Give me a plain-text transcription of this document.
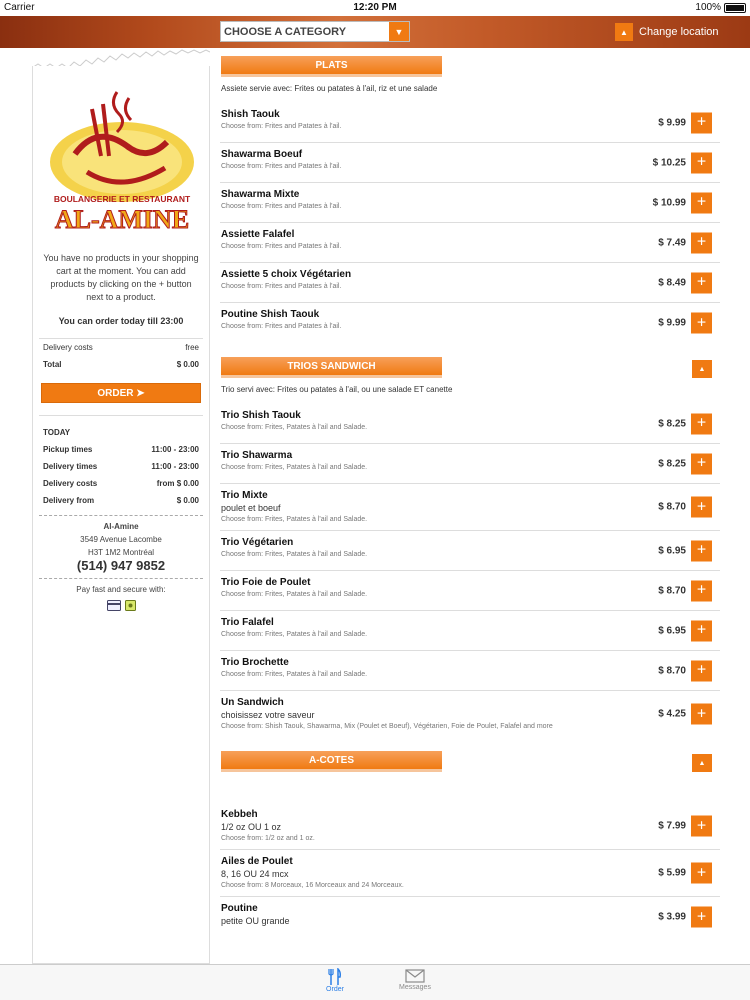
Carrier	12:20 PM	100%
CHOOSE A CATEGORY	▼	▲	Change location
BOULANGERIE ET RESTAURANT
AL-AMINE

You have no products in your shopping cart at the moment. You can add products by clicking on the + button next to a product.

You can order today till 23:00

Delivery costs	free
Total	$ 0.00
ORDER ➤
TODAY
Pickup times	11:00 - 23:00
Delivery times	11:00 - 23:00
Delivery costs	from $ 0.00
Delivery from	$ 0.00
Al-Amine
3549 Avenue Lacombe
H3T 1M2 Montréal
(514) 947 9852
Pay fast and secure with:
PLATS
Assiete servie avec: Frites ou patates à l'ail, riz et une salade
Shish Taouk
Choose from: Frites and Patates à l'ail.	$ 9.99 +
Shawarma Boeuf
Choose from: Frites and Patates à l'ail.	$ 10.25 +
Shawarma Mixte
Choose from: Frites and Patates à l'ail.	$ 10.99 +
Assiette Falafel
Choose from: Frites and Patates à l'ail.	$ 7.49 +
Assiette 5 choix Végétarien
Choose from: Frites and Patates à l'ail.	$ 8.49 +
Poutine Shish Taouk
Choose from: Frites and Patates à l'ail.	$ 9.99 +
TRIOS SANDWICH	▲
Trio servi avec: Frites ou patates à l'ail, ou une salade ET canette
Trio Shish Taouk
Choose from: Frites, Patates à l'ail and Salade.	$ 8.25 +
Trio Shawarma
Choose from: Frites, Patates à l'ail and Salade.	$ 8.25 +
Trio Mixte
poulet et boeuf
Choose from: Frites, Patates à l'ail and Salade.
$ 8.70 +
Trio Végétarien
Choose from: Frites, Patates à l'ail and Salade.	$ 6.95 +
Trio Foie de Poulet
Choose from: Frites, Patates à l'ail and Salade.	$ 8.70 +
Trio Falafel
Choose from: Frites, Patates à l'ail and Salade.	$ 6.95 +
Trio Brochette
Choose from: Frites, Patates à l'ail and Salade.	$ 8.70 +
Un Sandwich
choisissez votre saveur
Choose from: Shish Taouk, Shawarma, Mix (Poulet et Boeuf), Végétarien, Foie de Poulet, Falafel and more
$ 4.25 +
A-COTES	▲
Kebbeh
1/2 oz OU 1 oz
Choose from: 1/2 oz and 1 oz.
$ 7.99 +
Ailes de Poulet
8, 16 OU 24 mcx
Choose from: 8 Morceaux, 16 Morceaux and 24 Morceaux.
$ 5.99 +
Poutine
petite OU grande	$ 3.99 +
Order	Messages
